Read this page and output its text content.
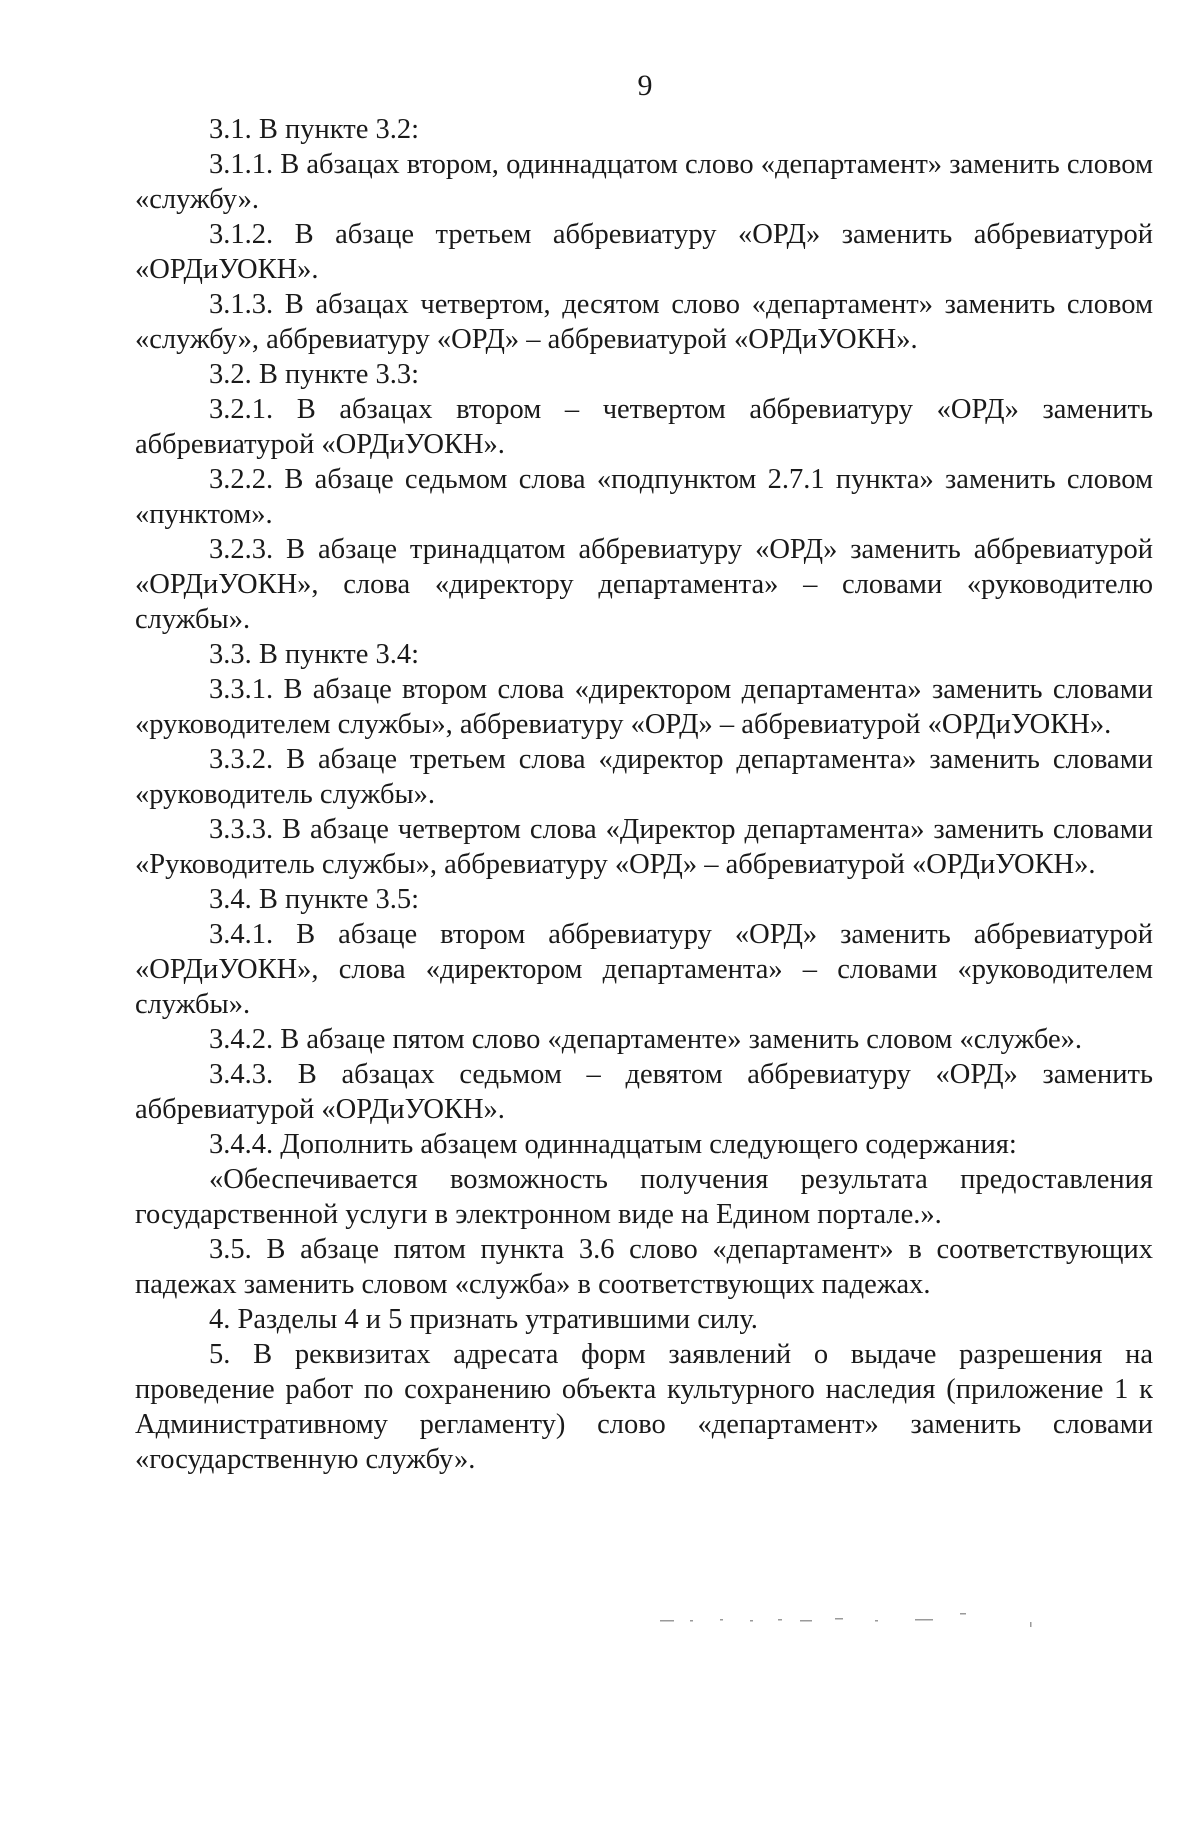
9

3.1. В пункте 3.2:

3.1.1. В абзацах втором, одиннадцатом слово «департамент» заменить словом «службу».

3.1.2. В абзаце третьем аббревиатуру «ОРД» заменить аббревиатурой «ОРДиУОКН».

3.1.3. В абзацах четвертом, десятом слово «департамент» заменить словом «службу», аббревиатуру «ОРД» – аббревиатурой «ОРДиУОКН».

3.2. В пункте 3.3:

3.2.1. В абзацах втором – четвертом аббревиатуру «ОРД» заменить аббревиатурой «ОРДиУОКН».

3.2.2. В абзаце седьмом слова «подпунктом 2.7.1 пункта» заменить словом «пунктом».

3.2.3. В абзаце тринадцатом аббревиатуру «ОРД» заменить аббревиатурой «ОРДиУОКН», слова «директору департамента» – словами «руководителю службы».

3.3. В пункте 3.4:

3.3.1. В абзаце втором слова «директором департамента» заменить словами «руководителем службы», аббревиатуру «ОРД» – аббревиатурой «ОРДиУОКН».

3.3.2. В абзаце третьем слова «директор департамента» заменить словами «руководитель службы».

3.3.3. В абзаце четвертом слова «Директор департамента» заменить словами «Руководитель службы», аббревиатуру «ОРД» – аббревиатурой «ОРДиУОКН».

3.4. В пункте 3.5:

3.4.1. В абзаце втором аббревиатуру «ОРД» заменить аббревиатурой «ОРДиУОКН», слова «директором департамента» – словами «руководителем службы».

3.4.2. В абзаце пятом слово «департаменте» заменить словом «службе».

3.4.3. В абзацах седьмом – девятом аббревиатуру «ОРД» заменить аббревиатурой «ОРДиУОКН».

3.4.4. Дополнить абзацем одиннадцатым следующего содержания:

«Обеспечивается возможность получения результата предоставления государственной услуги в электронном виде на Едином портале.».

3.5. В абзаце пятом пункта 3.6 слово «департамент» в соответствующих падежах заменить словом «служба» в соответствующих падежах.

4. Разделы 4 и 5 признать утратившими силу.

5. В реквизитах адресата форм заявлений о выдаче разрешения на проведение работ по сохранению объекта культурного наследия (приложение 1 к Административному регламенту) слово «департамент» заменить словами «государственную службу».
